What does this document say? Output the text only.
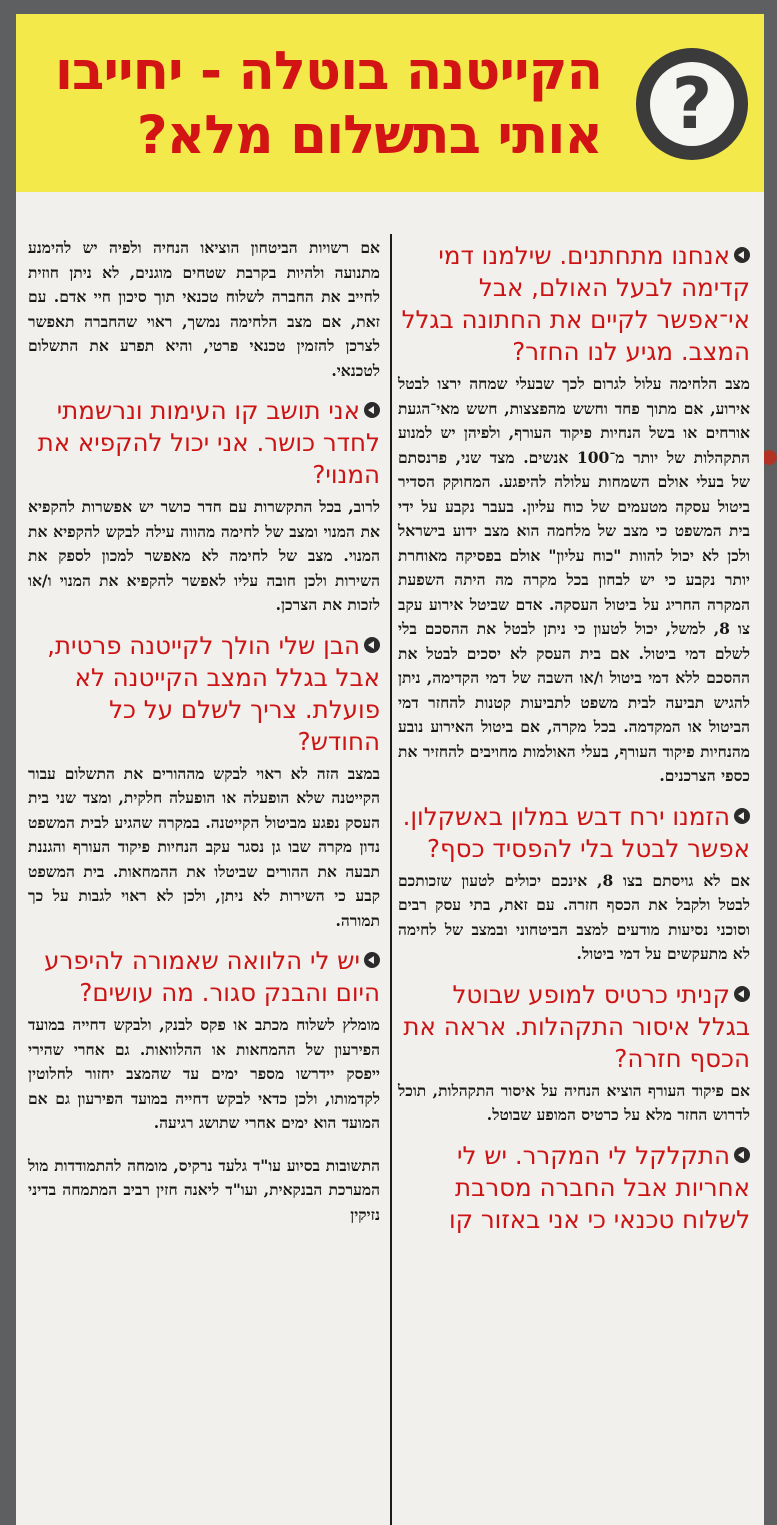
?
הקייטנה בוטלה - יחייבו
אותי בתשלום מלא?

אנחנו מתחתנים. שילמנו דמי קדימה לבעל האולם, אבל אי־אפשר לקיים את החתונה בגלל המצב. מגיע לנו החזר?

מצב הלחימה עלול לגרום לכך שבעלי שמחה ירצו לבטל אירוע, אם מתוך פחד וחשש מהפצצות, חשש מאי־הגעת אורחים או בשל הנחיות פיקוד העורף, ולפיהן יש למנוע התקהלות של יותר מ־100 אנשים. מצד שני, פרנסתם של בעלי אולם השמחות עלולה להיפגע. המחוקק הסדיר ביטול עסקה מטעמים של כוח עליון. בעבר נקבע על ידי בית המשפט כי מצב של מלחמה הוא מצב ידוע בישראל ולכן לא יכול להוות "כוח עליון" אולם בפסיקה מאוחרת יותר נקבע כי יש לבחון בכל מקרה מה היתה השפעת המקרה החריג על ביטול העסקה. אדם שביטל אירוע עקב צו 8, למשל, יכול לטעון כי ניתן לבטל את ההסכם בלי לשלם דמי ביטול. אם בית העסק לא יסכים לבטל את ההסכם ללא דמי ביטול ו/או השבה של דמי הקדימה, ניתן להגיש תביעה לבית משפט לתביעות קטנות להחזר דמי הביטול או המקדמה. בכל מקרה, אם ביטול האירוע נובע מהנחיות פיקוד העורף, בעלי האולמות מחויבים להחזיר את כספי הצרכנים.

הזמנו ירח דבש במלון באשקלון. אפשר לבטל בלי להפסיד כסף?

אם לא גויסתם בצו 8, אינכם יכולים לטעון שזכותכם לבטל ולקבל את הכסף חזרה. עם זאת, בתי עסק רבים וסוכני נסיעות מודעים למצב הביטחוני ובמצב של לחימה לא מתעקשים על דמי ביטול.

קניתי כרטיס למופע שבוטל בגלל איסור התקהלות. אראה את הכסף חזרה?

אם פיקוד העורף הוציא הנחיה על איסור התקהלות, תוכל לדרוש החזר מלא על כרטיס המופע שבוטל.

התקלקל לי המקרר. יש לי אחריות אבל החברה מסרבת לשלוח טכנאי כי אני באזור קו

אם רשויות הביטחון הוציאו הנחיה ולפיה יש להימנע מתנועה ולהיות בקרבת שטחים מוגנים, לא ניתן חוזית לחייב את החברה לשלוח טכנאי תוך סיכון חיי אדם. עם זאת, אם מצב הלחימה נמשך, ראוי שהחברה תאפשר לצרכן להזמין טכנאי פרטי, והיא תפרע את התשלום לטכנאי.

אני תושב קו העימות ונרשמתי לחדר כושר. אני יכול להקפיא את המנוי?

לרוב, בכל התקשרות עם חדר כושר יש אפשרות להקפיא את המנוי ומצב של לחימה מהווה עילה לבקש להקפיא את המנוי. מצב של לחימה לא מאפשר למכון לספק את השירות ולכן חובה עליו לאפשר להקפיא את המנוי ו/או לזכות את הצרכן.

הבן שלי הולך לקייטנה פרטית, אבל בגלל המצב הקייטנה לא פועלת. צריך לשלם על כל החודש?

במצב הזה לא ראוי לבקש מההורים את התשלום עבור הקייטנה שלא הופעלה או הופעלה חלקית, ומצד שני בית העסק נפגע מביטול הקייטנה. במקרה שהגיע לבית המשפט נדון מקרה שבו גן נסגר עקב הנחיות פיקוד העורף והגננת תבעה את ההורים שביטלו את ההמחאות. בית המשפט קבע כי השירות לא ניתן, ולכן לא ראוי לגבות על כך תמורה.

יש לי הלוואה שאמורה להיפרע היום והבנק סגור. מה עושים?

מומלץ לשלוח מכתב או פקס לבנק, ולבקש דחייה במועד הפירעון של ההמחאות או ההלוואות. גם אחרי שהירי ייפסק יידרשו מספר ימים עד שהמצב יחזור לחלוטין לקדמותו, ולכן כדאי לבקש דחייה במועד הפירעון גם אם המועד הוא ימים אחרי שתושג רגיעה.

התשובות בסיוע עו"ד גלעד נרקיס, מומחה להתמודדות מול המערכת הבנקאית, ועו"ד ליאנה חזין רביב המתמחה בדיני נזיקין
